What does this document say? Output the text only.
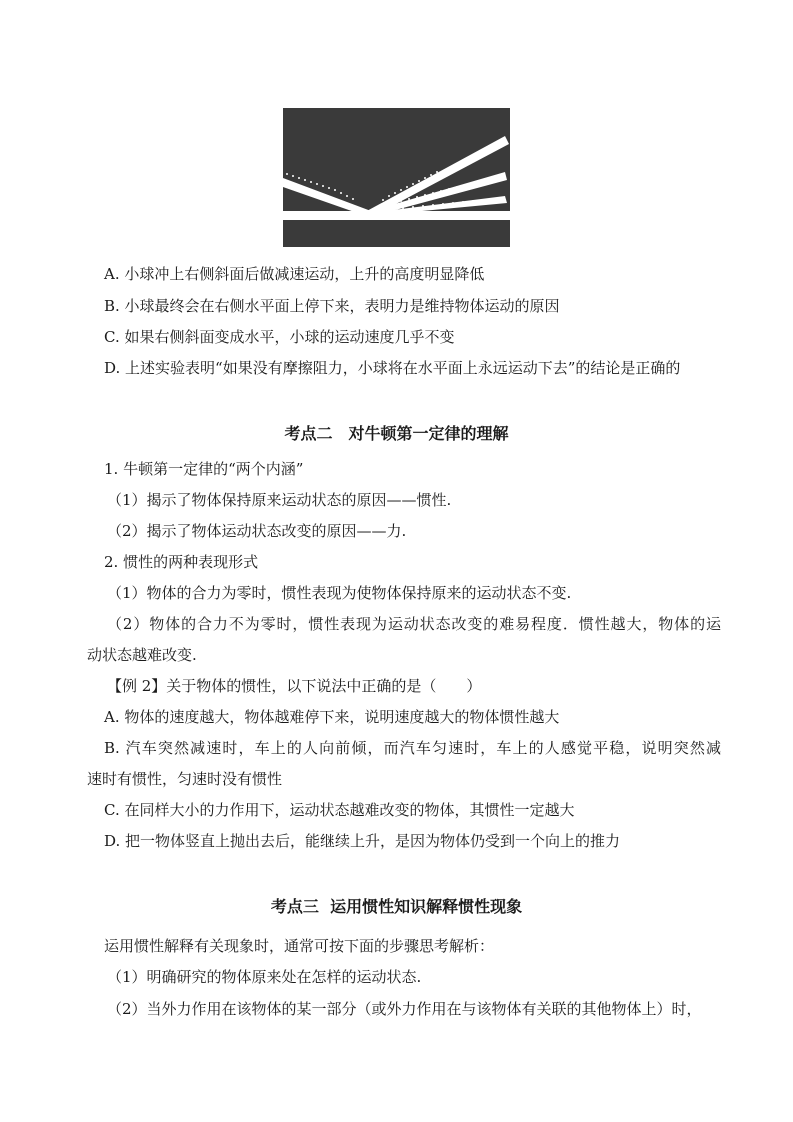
A. 小球冲上右侧斜面后做减速运动，上升的高度明显降低
B. 小球最终会在右侧水平面上停下来，表明力是维持物体运动的原因
C. 如果右侧斜面变成水平，小球的运动速度几乎不变
D. 上述实验表明“如果没有摩擦阻力，小球将在水平面上永远运动下去”的结论是正确的
考点二　对牛顿第一定律的理解
1. 牛顿第一定律的“两个内涵”
（1）揭示了物体保持原来运动状态的原因——惯性.
（2）揭示了物体运动状态改变的原因——力.
2. 惯性的两种表现形式
（1）物体的合力为零时，惯性表现为使物体保持原来的运动状态不变.
（2）物体的合力不为零时，惯性表现为运动状态改变的难易程度．惯性越大，物体的运
动状态越难改变.
【例 2】关于物体的惯性，以下说法中正确的是（　　）
A. 物体的速度越大，物体越难停下来，说明速度越大的物体惯性越大
B. 汽车突然减速时，车上的人向前倾，而汽车匀速时，车上的人感觉平稳，说明突然减
速时有惯性，匀速时没有惯性
C. 在同样大小的力作用下，运动状态越难改变的物体，其惯性一定越大
D. 把一物体竖直上抛出去后，能继续上升，是因为物体仍受到一个向上的推力
考点三  运用惯性知识解释惯性现象
运用惯性解释有关现象时，通常可按下面的步骤思考解析：
（1）明确研究的物体原来处在怎样的运动状态.
（2）当外力作用在该物体的某一部分（或外力作用在与该物体有关联的其他物体上）时，
